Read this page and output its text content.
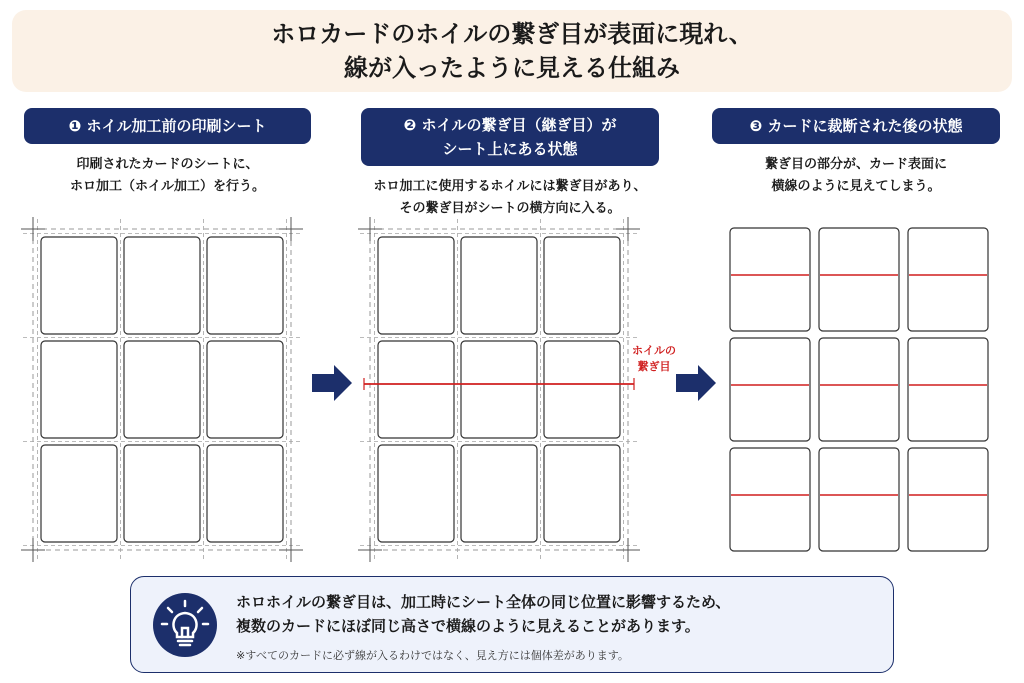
ホロカードのホイルの繋ぎ目が表面に現れ、
線が入ったように見える仕組み
❶ ホイル加工前の印刷シート	❷ ホイルの繋ぎ目（継ぎ目）が
シート上にある状態
❸ カードに裁断された後の状態
印刷されたカードのシートに、
ホロ加工（ホイル加工）を行う。	ホロ加工に使用するホイルには繋ぎ目があり、
その繋ぎ目がシートの横方向に入る。
繋ぎ目の部分が、カード表面に
横線のように見えてしまう。
ホイルの
繋ぎ目
ホロホイルの繋ぎ目は、加工時にシート全体の同じ位置に影響するため、
複数のカードにほぼ同じ高さで横線のように見えることがあります。
※すべてのカードに必ず線が入るわけではなく、見え方には個体差があります。
